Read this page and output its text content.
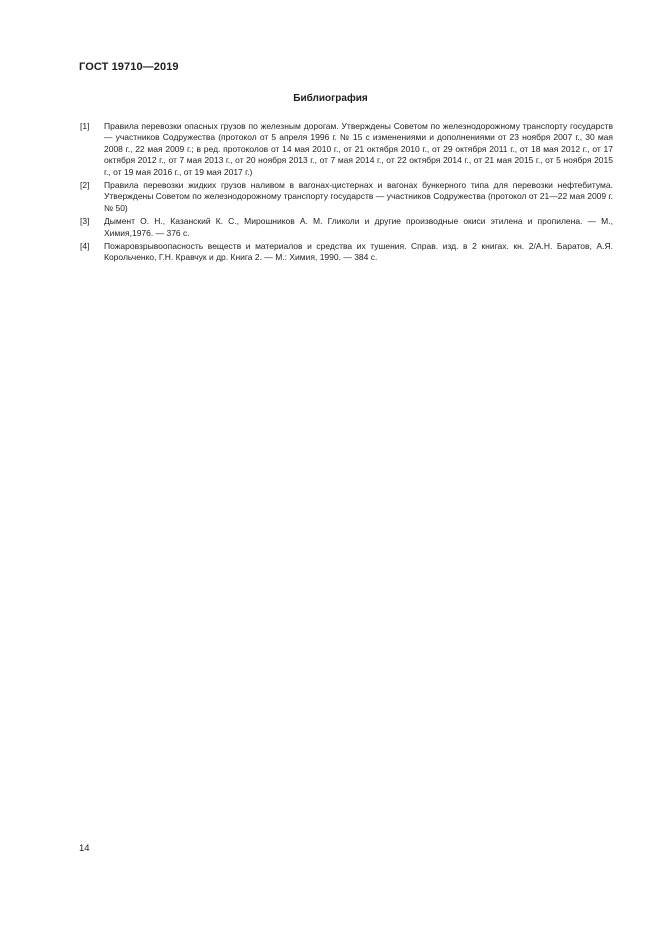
ГОСТ 19710—2019
Библиография
[1]	Правила перевозки опасных грузов по железным дорогам. Утверждены Советом по железнодорожному транспорту государств — участников Содружества (протокол от 5 апреля 1996 г. № 15 с изменениями и дополнениями от 23 ноября 2007 г., 30 мая 2008 г., 22 мая 2009 г.; в ред. протоколов от 14 мая 2010 г., от 21 октября 2010 г., от 29 октября 2011 г., от 18 мая 2012 г., от 17 октября 2012 г., от 7 мая 2013 г., от 20 ноября 2013 г., от 7 мая 2014 г., от 22 октября 2014 г., от 21 мая 2015 г., от 5 ноября 2015 г., от 19 мая 2016 г., от 19 мая 2017 г.)
[2]	Правила перевозки жидких грузов наливом в вагонах-цистернах и вагонах бункерного типа для перевозки нефтебитума. Утверждены Советом по железнодорожному транспорту государств — участников Содружества (протокол от 21—22 мая 2009 г. № 50)
[3]	Дымент О. Н., Казанский К. С., Мирошников А. М. Гликоли и другие производные окиси этилена и пропилена. — М., Химия,1976. — 376 с.
[4]	Пожаровзрывоопасность веществ и материалов и средства их тушения. Справ. изд. в 2 книгах. кн. 2/А.Н. Баратов, А.Я. Корольченко, Г.Н. Кравчук и др. Книга 2. — М.: Химия, 1990. — 384 с.
14
